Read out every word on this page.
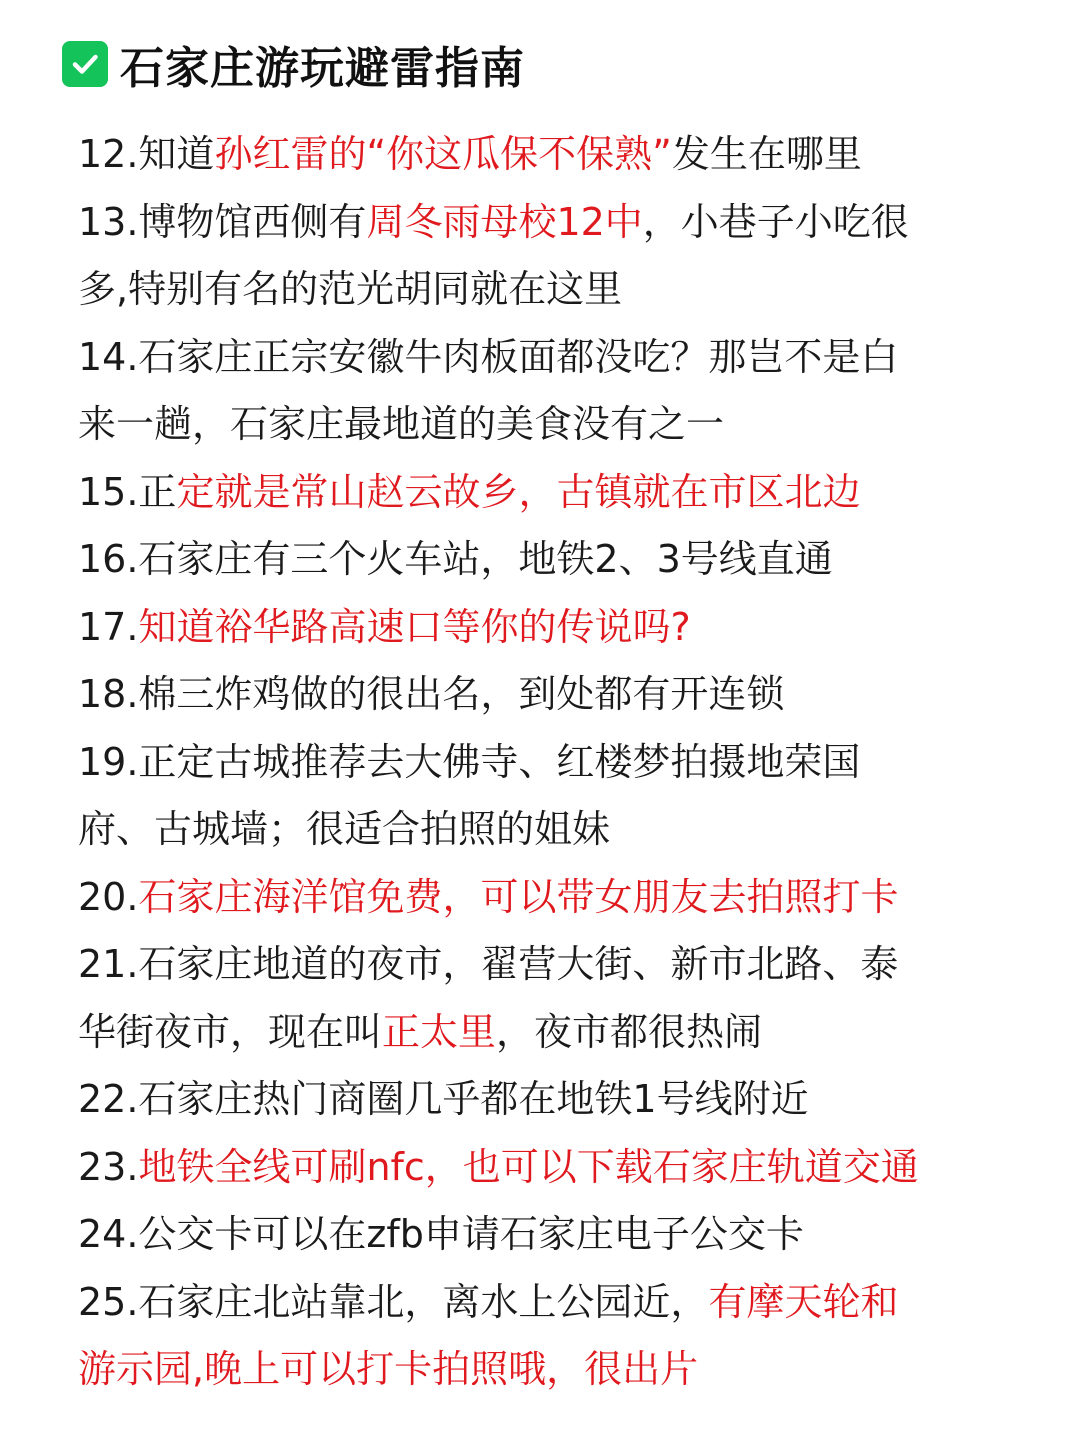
石家庄游玩避雷指南
12.知道孙红雷的“你这瓜保不保熟”发生在哪里
13.博物馆西侧有周冬雨母校12中，小巷子小吃很
多,特别有名的范光胡同就在这里
14.石家庄正宗安徽牛肉板面都没吃？那岂不是白
来一趟，石家庄最地道的美食没有之一
15.正定就是常山赵云故乡，古镇就在市区北边
16.石家庄有三个火车站，地铁2、3号线直通
17.知道裕华路高速口等你的传说吗?
18.棉三炸鸡做的很出名，到处都有开连锁
19.正定古城推荐去大佛寺、红楼梦拍摄地荣国
府、古城墙；很适合拍照的姐妹
20.石家庄海洋馆免费，可以带女朋友去拍照打卡
21.石家庄地道的夜市，翟营大街、新市北路、泰
华街夜市，现在叫正太里，夜市都很热闹
22.石家庄热门商圈几乎都在地铁1号线附近
23.地铁全线可刷nfc，也可以下载石家庄轨道交通
24.公交卡可以在zfb申请石家庄电子公交卡
25.石家庄北站靠北，离水上公园近，有摩天轮和
游示园,晚上可以打卡拍照哦，很出片
